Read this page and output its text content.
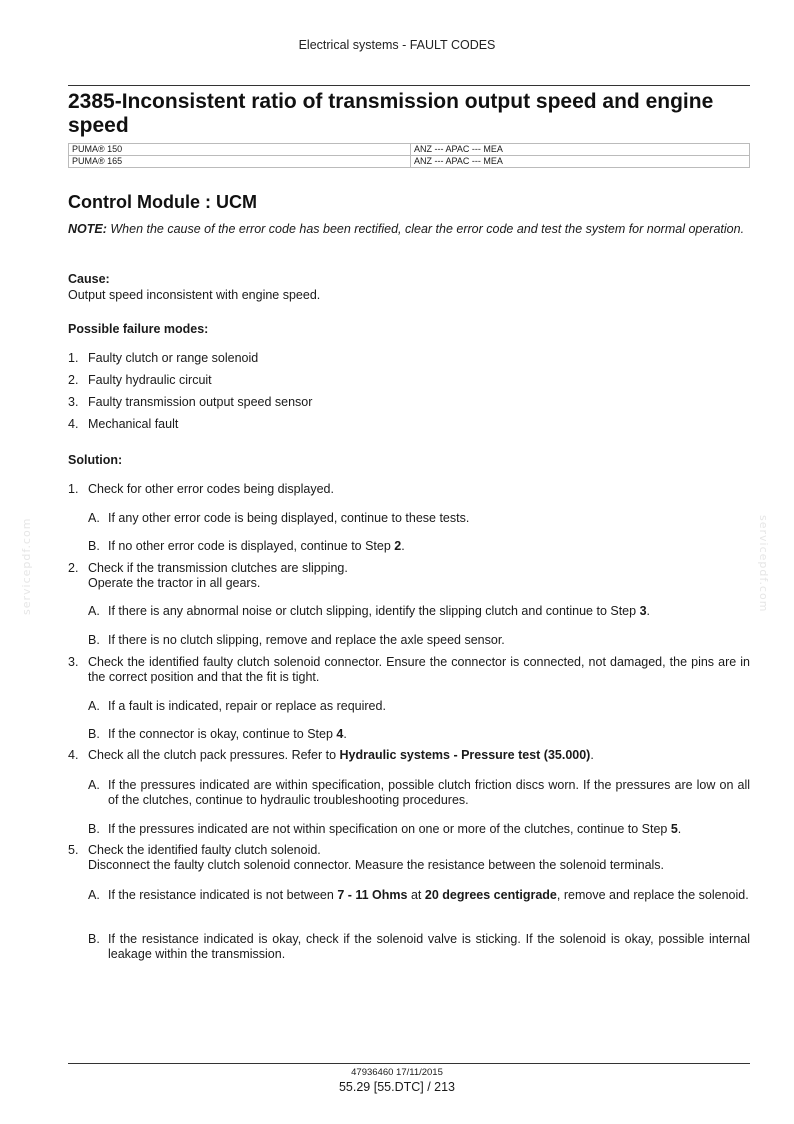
Electrical systems - FAULT CODES
2385-Inconsistent ratio of transmission output speed and engine speed
PUMA® 150	ANZ --- APAC --- MEA
PUMA® 165	ANZ --- APAC --- MEA
Control Module : UCM
NOTE: When the cause of the error code has been rectified, clear the error code and test the system for normal operation.
Cause:
Output speed inconsistent with engine speed.
Possible failure modes:
1. Faulty clutch or range solenoid
2. Faulty hydraulic circuit
3. Faulty transmission output speed sensor
4. Mechanical fault
Solution:
1. Check for other error codes being displayed.
A. If any other error code is being displayed, continue to these tests.
B. If no other error code is displayed, continue to Step 2.
2. Check if the transmission clutches are slipping.
Operate the tractor in all gears.
A. If there is any abnormal noise or clutch slipping, identify the slipping clutch and continue to Step 3.
B. If there is no clutch slipping, remove and replace the axle speed sensor.
3. Check the identified faulty clutch solenoid connector. Ensure the connector is connected, not damaged, the pins are in the correct position and that the fit is tight.
A. If a fault is indicated, repair or replace as required.
B. If the connector is okay, continue to Step 4.
4. Check all the clutch pack pressures. Refer to Hydraulic systems - Pressure test (35.000).
A. If the pressures indicated are within specification, possible clutch friction discs worn. If the pressures are low on all of the clutches, continue to hydraulic troubleshooting procedures.
B. If the pressures indicated are not within specification on one or more of the clutches, continue to Step 5.
5. Check the identified faulty clutch solenoid.
Disconnect the faulty clutch solenoid connector. Measure the resistance between the solenoid terminals.
A. If the resistance indicated is not between 7 - 11 Ohms at 20 degrees centigrade, remove and replace the solenoid.
B. If the resistance indicated is okay, check if the solenoid valve is sticking. If the solenoid is okay, possible internal leakage within the transmission.
servicepdf.com	servicepdf.com
47936460 17/11/2015
55.29 [55.DTC] / 213
